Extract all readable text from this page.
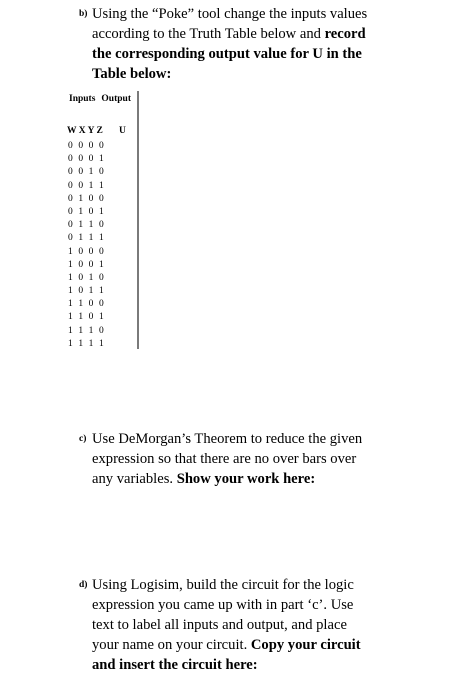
b) Using the “Poke” tool change the inputs values
according to the Truth Table below and record
the corresponding output value for U in the
Table below:
Inputs Output
W X Y Z U
0 0 0 0
0 0 0 1
0 0 1 0
0 0 1 1
0 1 0 0
0 1 0 1
0 1 1 0
0 1 1 1
1 0 0 0
1 0 0 1
1 0 1 0
1 0 1 1
1 1 0 0
1 1 0 1
1 1 1 0
1 1 1 1
c) Use DeMorgan’s Theorem to reduce the given
expression so that there are no over bars over
any variables. Show your work here:
d) Using Logisim, build the circuit for the logic
expression you came up with in part ‘c’. Use
text to label all inputs and output, and place
your name on your circuit. Copy your circuit
and insert the circuit here:
